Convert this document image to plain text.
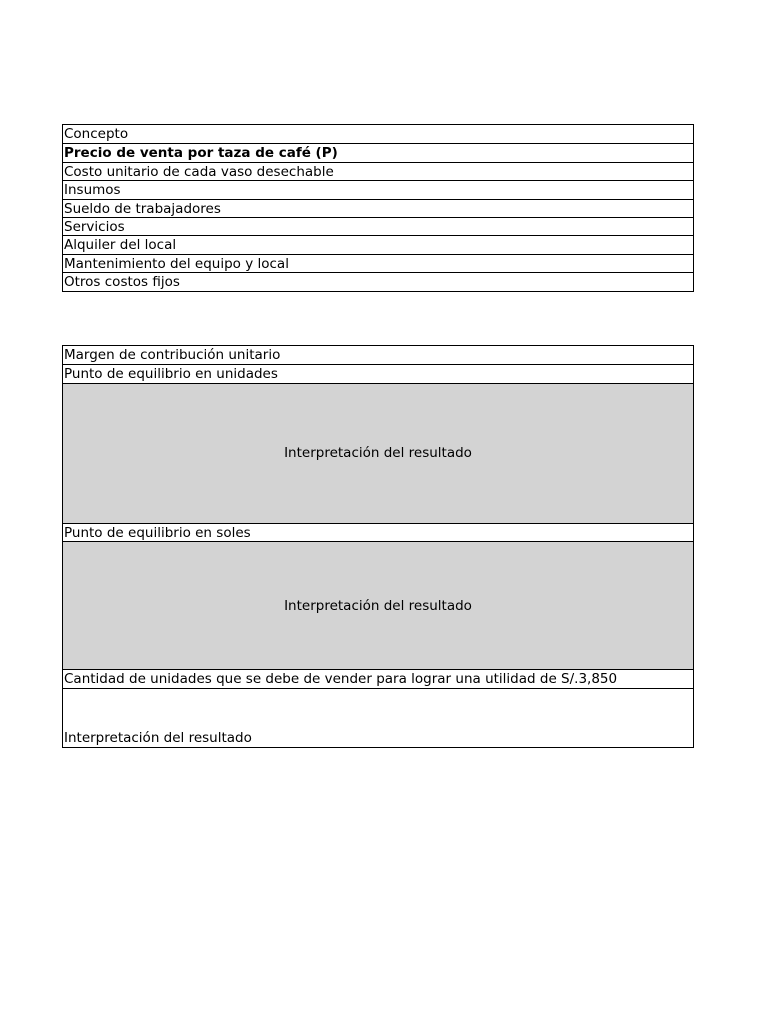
Concepto
Precio de venta por taza de café (P)
Costo unitario de cada vaso desechable
Insumos
Sueldo de trabajadores
Servicios
Alquiler del local
Mantenimiento del equipo y local
Otros costos fijos
Margen de contribución unitario
Punto de equilibrio en unidades
Interpretación del resultado
Punto de equilibrio en soles
Interpretación del resultado
Cantidad de unidades que se debe de vender para lograr una utilidad de S/.3,850
Interpretación del resultado
